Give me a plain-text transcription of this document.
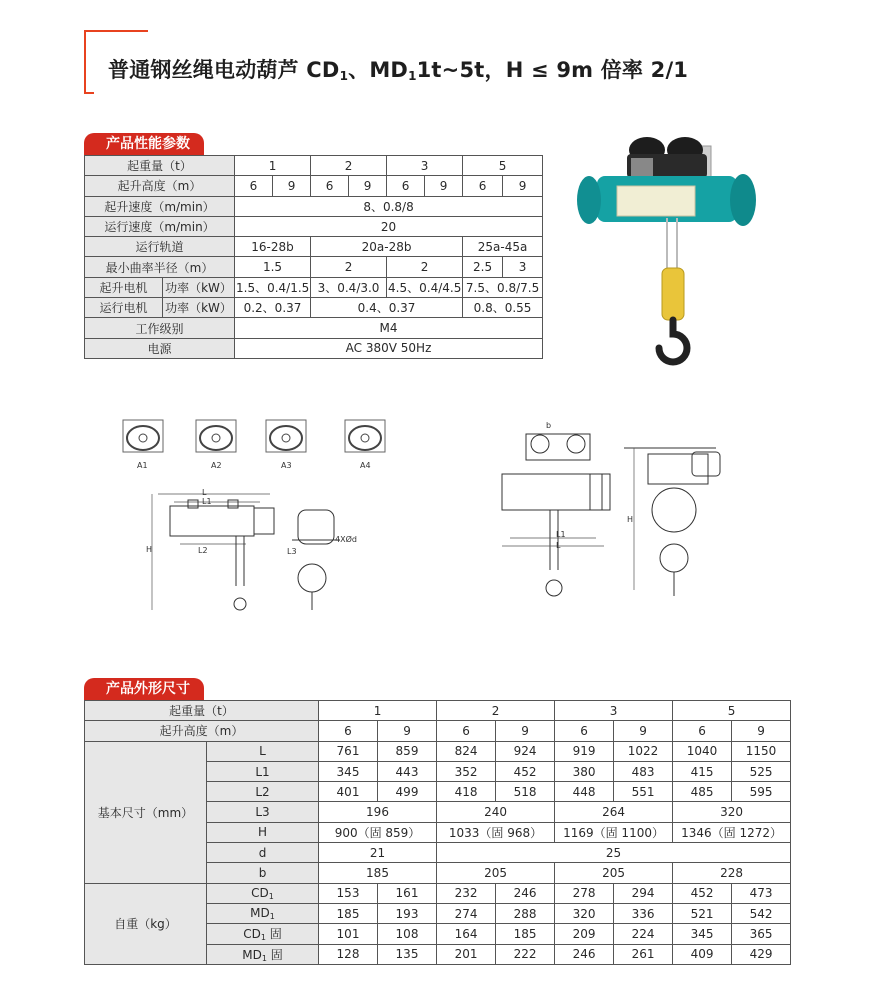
普通钢丝绳电动葫芦 $CD_1$、$MD_11t\sim 5t$，H ≤ 9m 倍率 2/1
产品性能参数
起重量（t）		1		2		3		5	
起升高度（m）		6	9	6	9	6	9	6	9
起升速度（m/min）		8、0.8/8							
运行速度（m/min）		20							
运行轨道		16-28b		20a-28b				25a-45a	
最小曲率半径（m）		1.5		2		2		2.5	3
起升电机	功率（kW）	1.5、0.4/1.5		3、0.4/3.0		4.5、0.4/4.5		7.5、0.8/7.5	
运行电机	功率（kW）	0.2、0.37		0.4、0.37				0.8、0.55	
工作级别		M4							
电源		AC 380V 50Hz							
A1	A2	A3	A4
L
L1
L2
H	L3
4XØd
b
L1
L
H
产品外形尺寸
起重量（t）		1		2		3		5	
起升高度（m）		6	9	6	9	6	9	6	9
基本尺寸（mm）	L	761	859	824	924	919	1022	1040	1150
	L1	345	443	352	452	380	483	415	525
	L2	401	499	418	518	448	551	485	595
	L3	196		240		264		320	
	H	900（固 859）		1033（固 968）		1169（固 1100）		1346（固 1272）	
	d	21		25					
	b	185		205		205		228	
自重（kg）	$CD_1$	153	161	232	246	278	294	452	473
	$MD_1$	185	193	274	288	320	336	521	542
	$CD_1$ 固	101	108	164	185	209	224	345	365
	$MD_1$ 固	128	135	201	222	246	261	409	429
